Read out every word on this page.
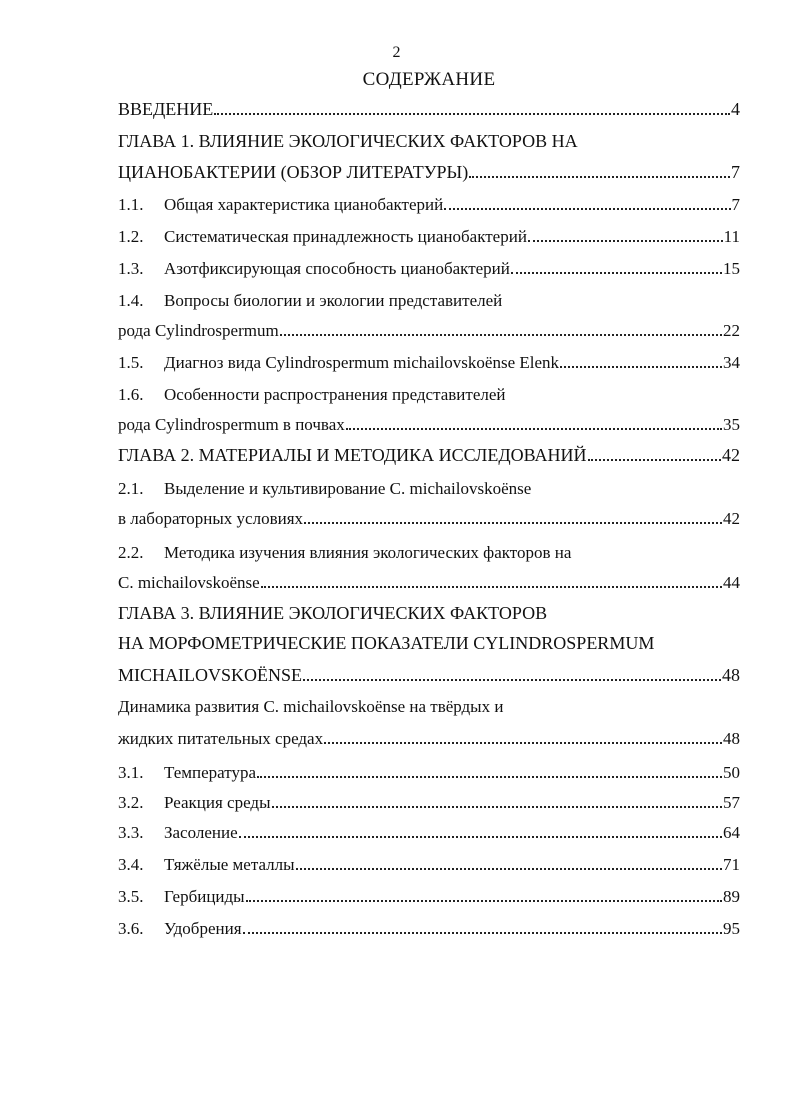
2
СОДЕРЖАНИЕ
ВВЕДЕНИЕ	4
ГЛАВА 1. ВЛИЯНИЕ ЭКОЛОГИЧЕСКИХ ФАКТОРОВ НА
ЦИАНОБАКТЕРИИ (ОБЗОР ЛИТЕРАТУРЫ)	7
1.1.	Общая характеристика цианобактерий	7
1.2.	Систематическая принадлежность цианобактерий	11
1.3.	Азотфиксирующая способность цианобактерий	15
1.4.	Вопросы биологии и экологии представителей
рода Cylindrospermum	22
1.5.	Диагноз вида Cylindrospermum michailovskoёnse Elenk	34
1.6.	Особенности распространения представителей
рода Cylindrospermum в почвах	35
ГЛАВА 2. МАТЕРИАЛЫ И МЕТОДИКА ИССЛЕДОВАНИЙ	42
2.1.	Выделение и культивирование С. michailovskoёnse
в лабораторных условиях	42
2.2.	Методика изучения влияния экологических факторов на
С. michailovskoёnse	44
ГЛАВА 3. ВЛИЯНИЕ ЭКОЛОГИЧЕСКИХ ФАКТОРОВ
НА МОРФОМЕТРИЧЕСКИЕ ПОКАЗАТЕЛИ CYLINDROSPERMUM
MICHAILOVSKOЁNSE	48
Динамика развития С. michailovskoёnse на твёрдых и
жидких питательных средах	48
3.1.	Температура	50
3.2.	Реакция среды	57
3.3.	Засоление	64
3.4.	Тяжёлые металлы	71
3.5.	Гербициды	89
3.6.	Удобрения	95
